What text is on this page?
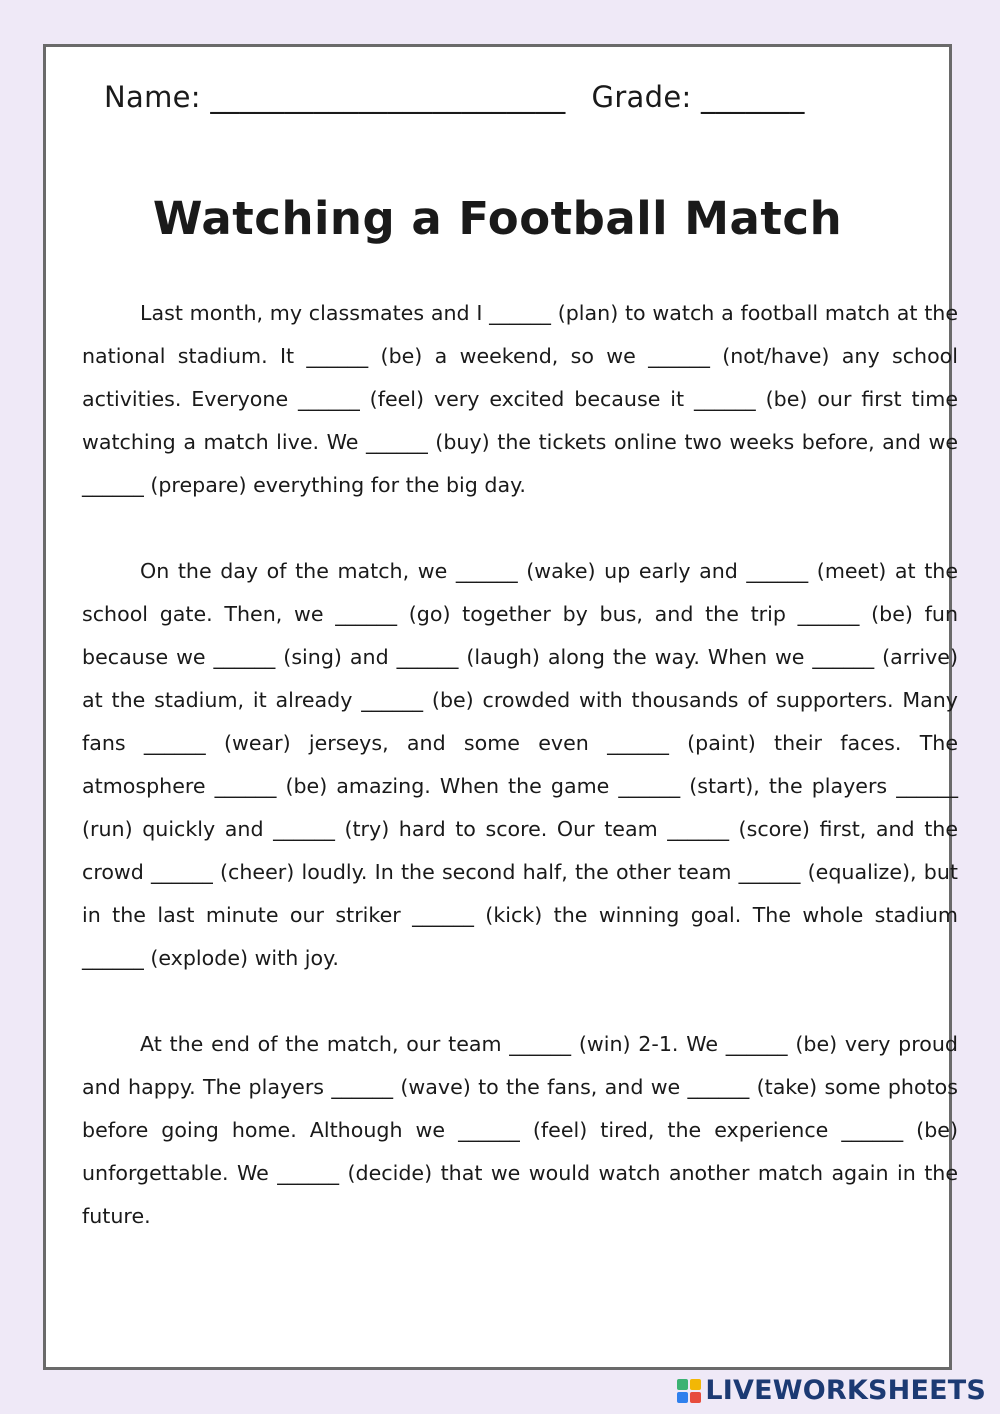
Name: ________________________ Grade: _______
Watching a Football Match

Last month, my classmates and I ______ (plan) to watch a football match at the national stadium. It ______ (be) a weekend, so we ______ (not/have) any school activities. Everyone ______ (feel) very excited because it ______ (be) our first time watching a match live. We ______ (buy) the tickets online two weeks before, and we ______ (prepare) everything for the big day.

On the day of the match, we ______ (wake) up early and ______ (meet) at the school gate. Then, we ______ (go) together by bus, and the trip ______ (be) fun because we ______ (sing) and ______ (laugh) along the way. When we ______ (arrive) at the stadium, it already ______ (be) crowded with thousands of supporters. Many fans ______ (wear) jerseys, and some even ______ (paint) their faces. The atmosphere ______ (be) amazing. When the game ______ (start), the players ______ (run) quickly and ______ (try) hard to score. Our team ______ (score) first, and the crowd ______ (cheer) loudly. In the second half, the other team ______ (equalize), but in the last minute our striker ______ (kick) the winning goal. The whole stadium ______ (explode) with joy.

At the end of the match, our team ______ (win) 2-1. We ______ (be) very proud and happy. The players ______ (wave) to the fans, and we ______ (take) some photos before going home. Although we ______ (feel) tired, the experience ______ (be) unforgettable. We ______ (decide) that we would watch another match again in the future.

LIVEWORKSHEETS
